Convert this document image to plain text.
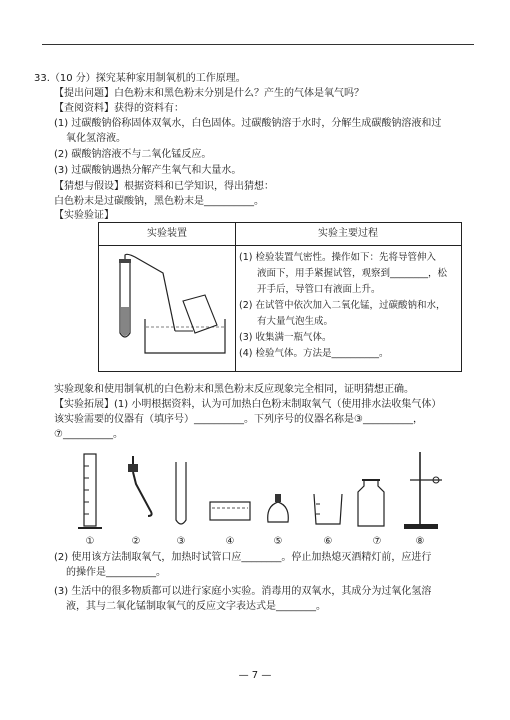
33.（10 分）探究某种家用制氧机的工作原理。
【提出问题】白色粉末和黑色粉末分别是什么？产生的气体是氧气吗？
【查阅资料】获得的资料有：
(1) 过碳酸钠俗称固体双氧水，白色固体。过碳酸钠溶于水时，分解生成碳酸钠溶液和过
氧化氢溶液。
(2) 碳酸钠溶液不与二氧化锰反应。
(3) 过碳酸钠遇热分解产生氧气和大量水。
【猜想与假设】根据资料和已学知识，得出猜想：
白色粉末是过碳酸钠，黑色粉末是__________。
【实验验证】
实验装置	实验主要过程
(1) 检验装置气密性。操作如下：先将导管伸入
液面下，用手紧握试管，观察到________，松
开手后，导管口有液面上升。
(2) 在试管中依次加入二氧化锰，过碳酸钠和水，
有大量气泡生成。
(3) 收集满一瓶气体。
(4) 检验气体。方法是__________。
实验现象和使用制氧机的白色粉末和黑色粉末反应现象完全相同，证明猜想正确。
【实验拓展】(1) 小明根据资料，认为可加热白色粉末制取氧气（使用排水法收集气体）
该实验需要的仪器有（填序号）__________。下列序号的仪器名称是③__________，
⑦__________。
①	②	③	④	⑤	⑥	⑦	⑧
(2) 使用该方法制取氧气，加热时试管口应________。停止加热熄灭酒精灯前，应进行
的操作是__________。
(3) 生活中的很多物质都可以进行家庭小实验。消毒用的双氧水，其成分为过氧化氢溶
液，其与二氧化锰制取氧气的反应文字表达式是________。
— 7 —
